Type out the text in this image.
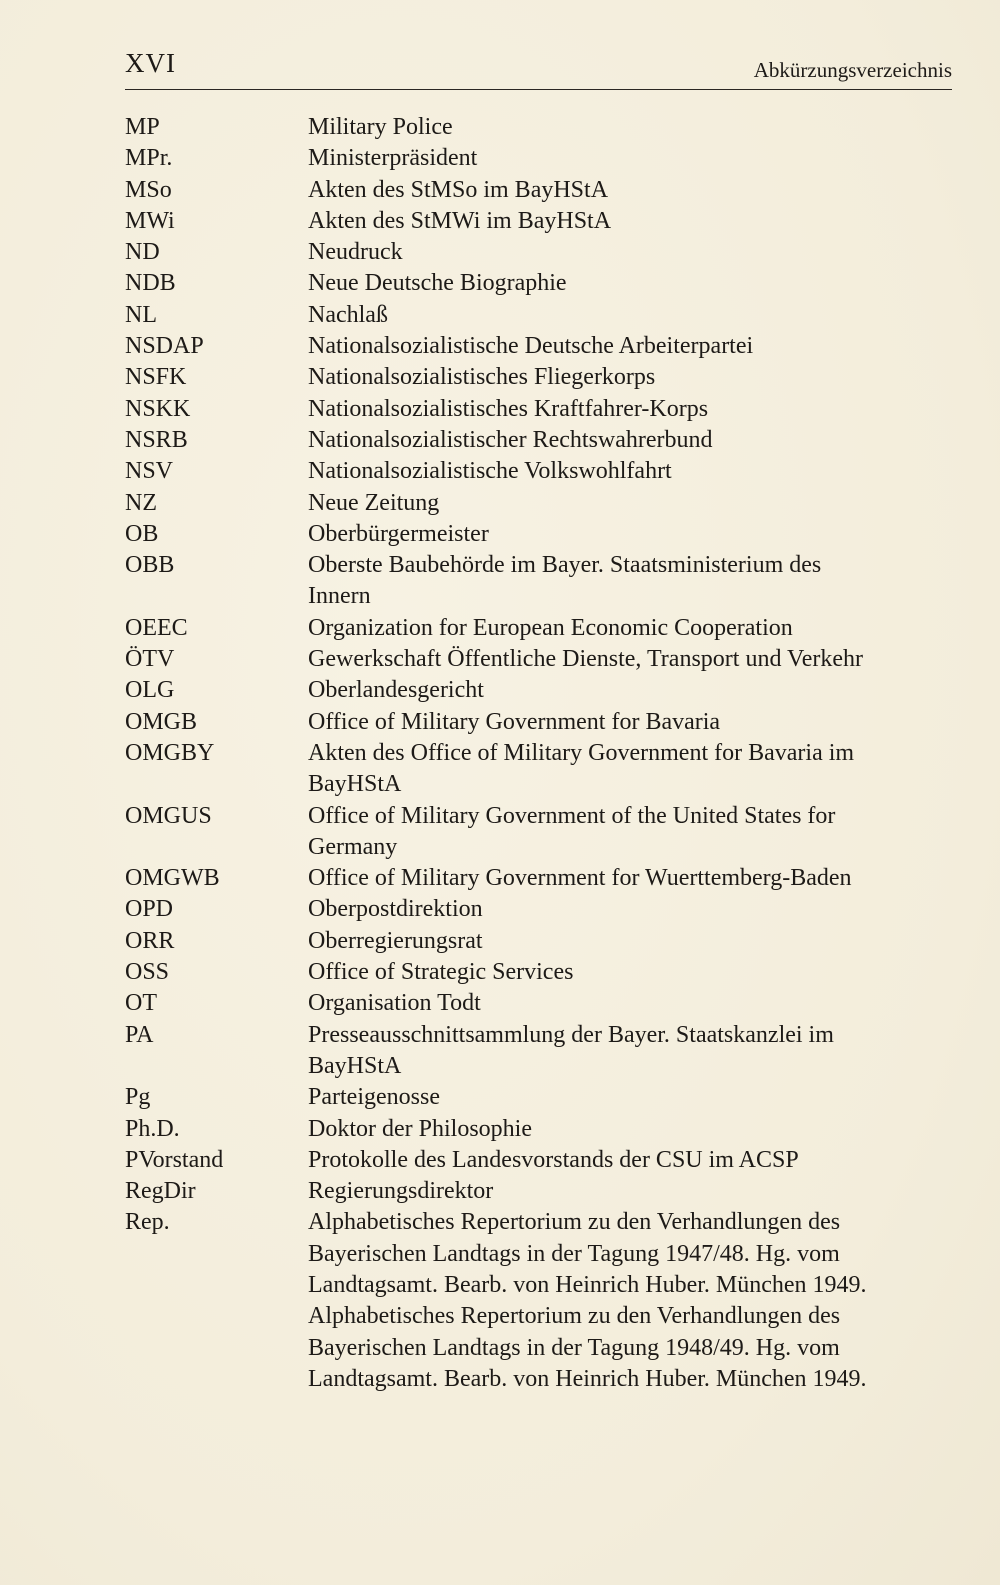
XVI	Abkürzungsverzeichnis
MP	Military Police
MPr.	Ministerpräsident
MSo	Akten des StMSo im BayHStA
MWi	Akten des StMWi im BayHStA
ND	Neudruck
NDB	Neue Deutsche Biographie
NL	Nachlaß
NSDAP	Nationalsozialistische Deutsche Arbeiterpartei
NSFK	Nationalsozialistisches Fliegerkorps
NSKK	Nationalsozialistisches Kraftfahrer-Korps
NSRB	Nationalsozialistischer Rechtswahrerbund
NSV	Nationalsozialistische Volkswohlfahrt
NZ	Neue Zeitung
OB	Oberbürgermeister
OBB	Oberste Baubehörde im Bayer. Staatsministerium des
Innern
OEEC	Organization for European Economic Cooperation
ÖTV	Gewerkschaft Öffentliche Dienste, Transport und Verkehr
OLG	Oberlandesgericht
OMGB	Office of Military Government for Bavaria
OMGBY	Akten des Office of Military Government for Bavaria im
BayHStA
OMGUS	Office of Military Government of the United States for
Germany
OMGWB	Office of Military Government for Wuerttemberg-Baden
OPD	Oberpostdirektion
ORR	Oberregierungsrat
OSS	Office of Strategic Services
OT	Organisation Todt
PA	Presseausschnittsammlung der Bayer. Staatskanzlei im
BayHStA
Pg	Parteigenosse
Ph.D.	Doktor der Philosophie
PVorstand	Protokolle des Landesvorstands der CSU im ACSP
RegDir	Regierungsdirektor
Rep.	Alphabetisches Repertorium zu den Verhandlungen des
Bayerischen Landtags in der Tagung 1947/48. Hg. vom
Landtagsamt. Bearb. von Heinrich Huber. München 1949.
Alphabetisches Repertorium zu den Verhandlungen des
Bayerischen Landtags in der Tagung 1948/49. Hg. vom
Landtagsamt. Bearb. von Heinrich Huber. München 1949.
